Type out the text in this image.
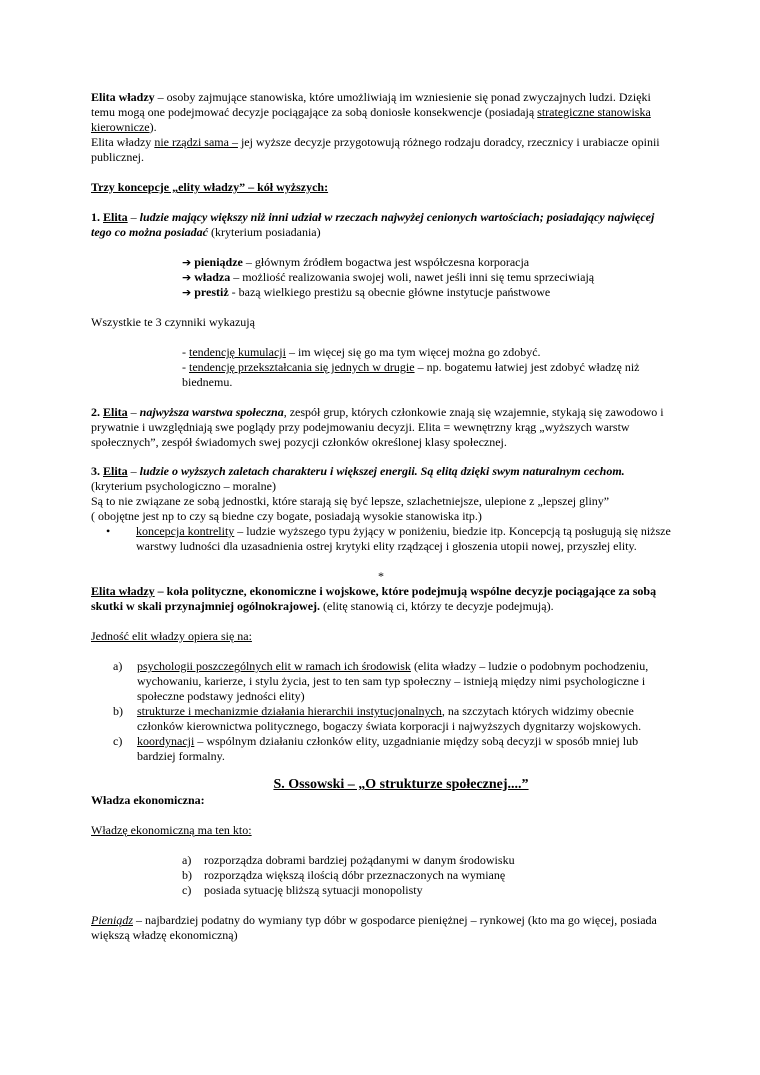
Elita władzy – osoby zajmujące stanowiska, które umożliwiają im wzniesienie się ponad zwyczajnych ludzi. Dzięki temu mogą one podejmować decyzje pociągające za sobą doniosłe konsekwencje (posiadają strategiczne stanowiska kierownicze).

Elita władzy nie rządzi sama – jej wyższe decyzje przygotowują różnego rodzaju doradcy, rzecznicy i urabiacze opinii publicznej.

Trzy koncepcje „elity władzy” – kół wyższych:

1. Elita – ludzie mający większy niż inni udział w rzeczach najwyżej cenionych wartościach; posiadający najwięcej tego co można posiadać (kryterium posiadania)

➔ pieniądze – głównym źródłem bogactwa jest współczesna korporacja

➔ władza – możliość realizowania swojej woli, nawet jeśli inni się temu sprzeciwiają

➔ prestiż - bazą wielkiego prestiżu są obecnie główne instytucje państwowe

Wszystkie te 3 czynniki wykazują

- tendencję kumulacji – im więcej się go ma tym więcej można go zdobyć.

- tendencję przekształcania się jednych w drugie – np. bogatemu łatwiej jest zdobyć władzę niż biednemu.

2. Elita – najwyższa warstwa społeczna, zespół grup, których członkowie znają się wzajemnie, stykają się zawodowo i prywatnie i uwzględniają swe poglądy przy podejmowaniu decyzji. Elita = wewnętrzny krąg „wyższych warstw społecznych”, zespół świadomych swej pozycji członków określonej klasy społecznej.

3. Elita – ludzie o wyższych zaletach charakteru i większej energii. Są elitą dzięki swym naturalnym cechom.

(kryterium psychologiczno – moralne)

Są to nie związane ze sobą jednostki, które starają się być lepsze, szlachetniejsze, ulepione z „lepszej gliny”

( obojętne jest np to czy są biedne czy bogate, posiadają wysokie stanowiska itp.)

•	koncepcja kontrelity – ludzie wyższego typu żyjący w poniżeniu, biedzie itp. Koncepcją tą posługują się niższe warstwy ludności dla uzasadnienia ostrej krytyki elity rządzącej i głoszenia utopii nowej, przyszłej elity.

*

Elita władzy – koła polityczne, ekonomiczne i wojskowe, które podejmują wspólne decyzje pociągające za sobą skutki w skali przynajmniej ogólnokrajowej. (elitę stanowią ci, którzy te decyzje podejmują).

Jedność elit władzy opiera się na:

a)	psychologii poszczególnych elit w ramach ich środowisk (elita władzy – ludzie o podobnym pochodzeniu, wychowaniu, karierze, i stylu życia, jest to ten sam typ społeczny – istnieją między nimi psychologiczne i społeczne podstawy jedności elity)

b)	strukturze i mechanizmie działania hierarchii instytucjonalnych, na szczytach których widzimy obecnie członków kierownictwa politycznego, bogaczy świata korporacji i najwyższych dygnitarzy wojskowych.

c)	koordynacji – wspólnym działaniu członków elity, uzgadnianie między sobą decyzji w sposób mniej lub bardziej formalny.

S. Ossowski – „O strukturze społecznej....”

Władza ekonomiczna:

Władzę ekonomiczną ma ten kto:

a)	rozporządza dobrami bardziej pożądanymi w danym środowisku

b)	rozporządza większą ilością dóbr przeznaczonych na wymianę

c)	posiada sytuację bliższą sytuacji monopolisty

Pieniądz – najbardziej podatny do wymiany typ dóbr w gospodarce pieniężnej – rynkowej (kto ma go więcej, posiada większą władzę ekonomiczną)
